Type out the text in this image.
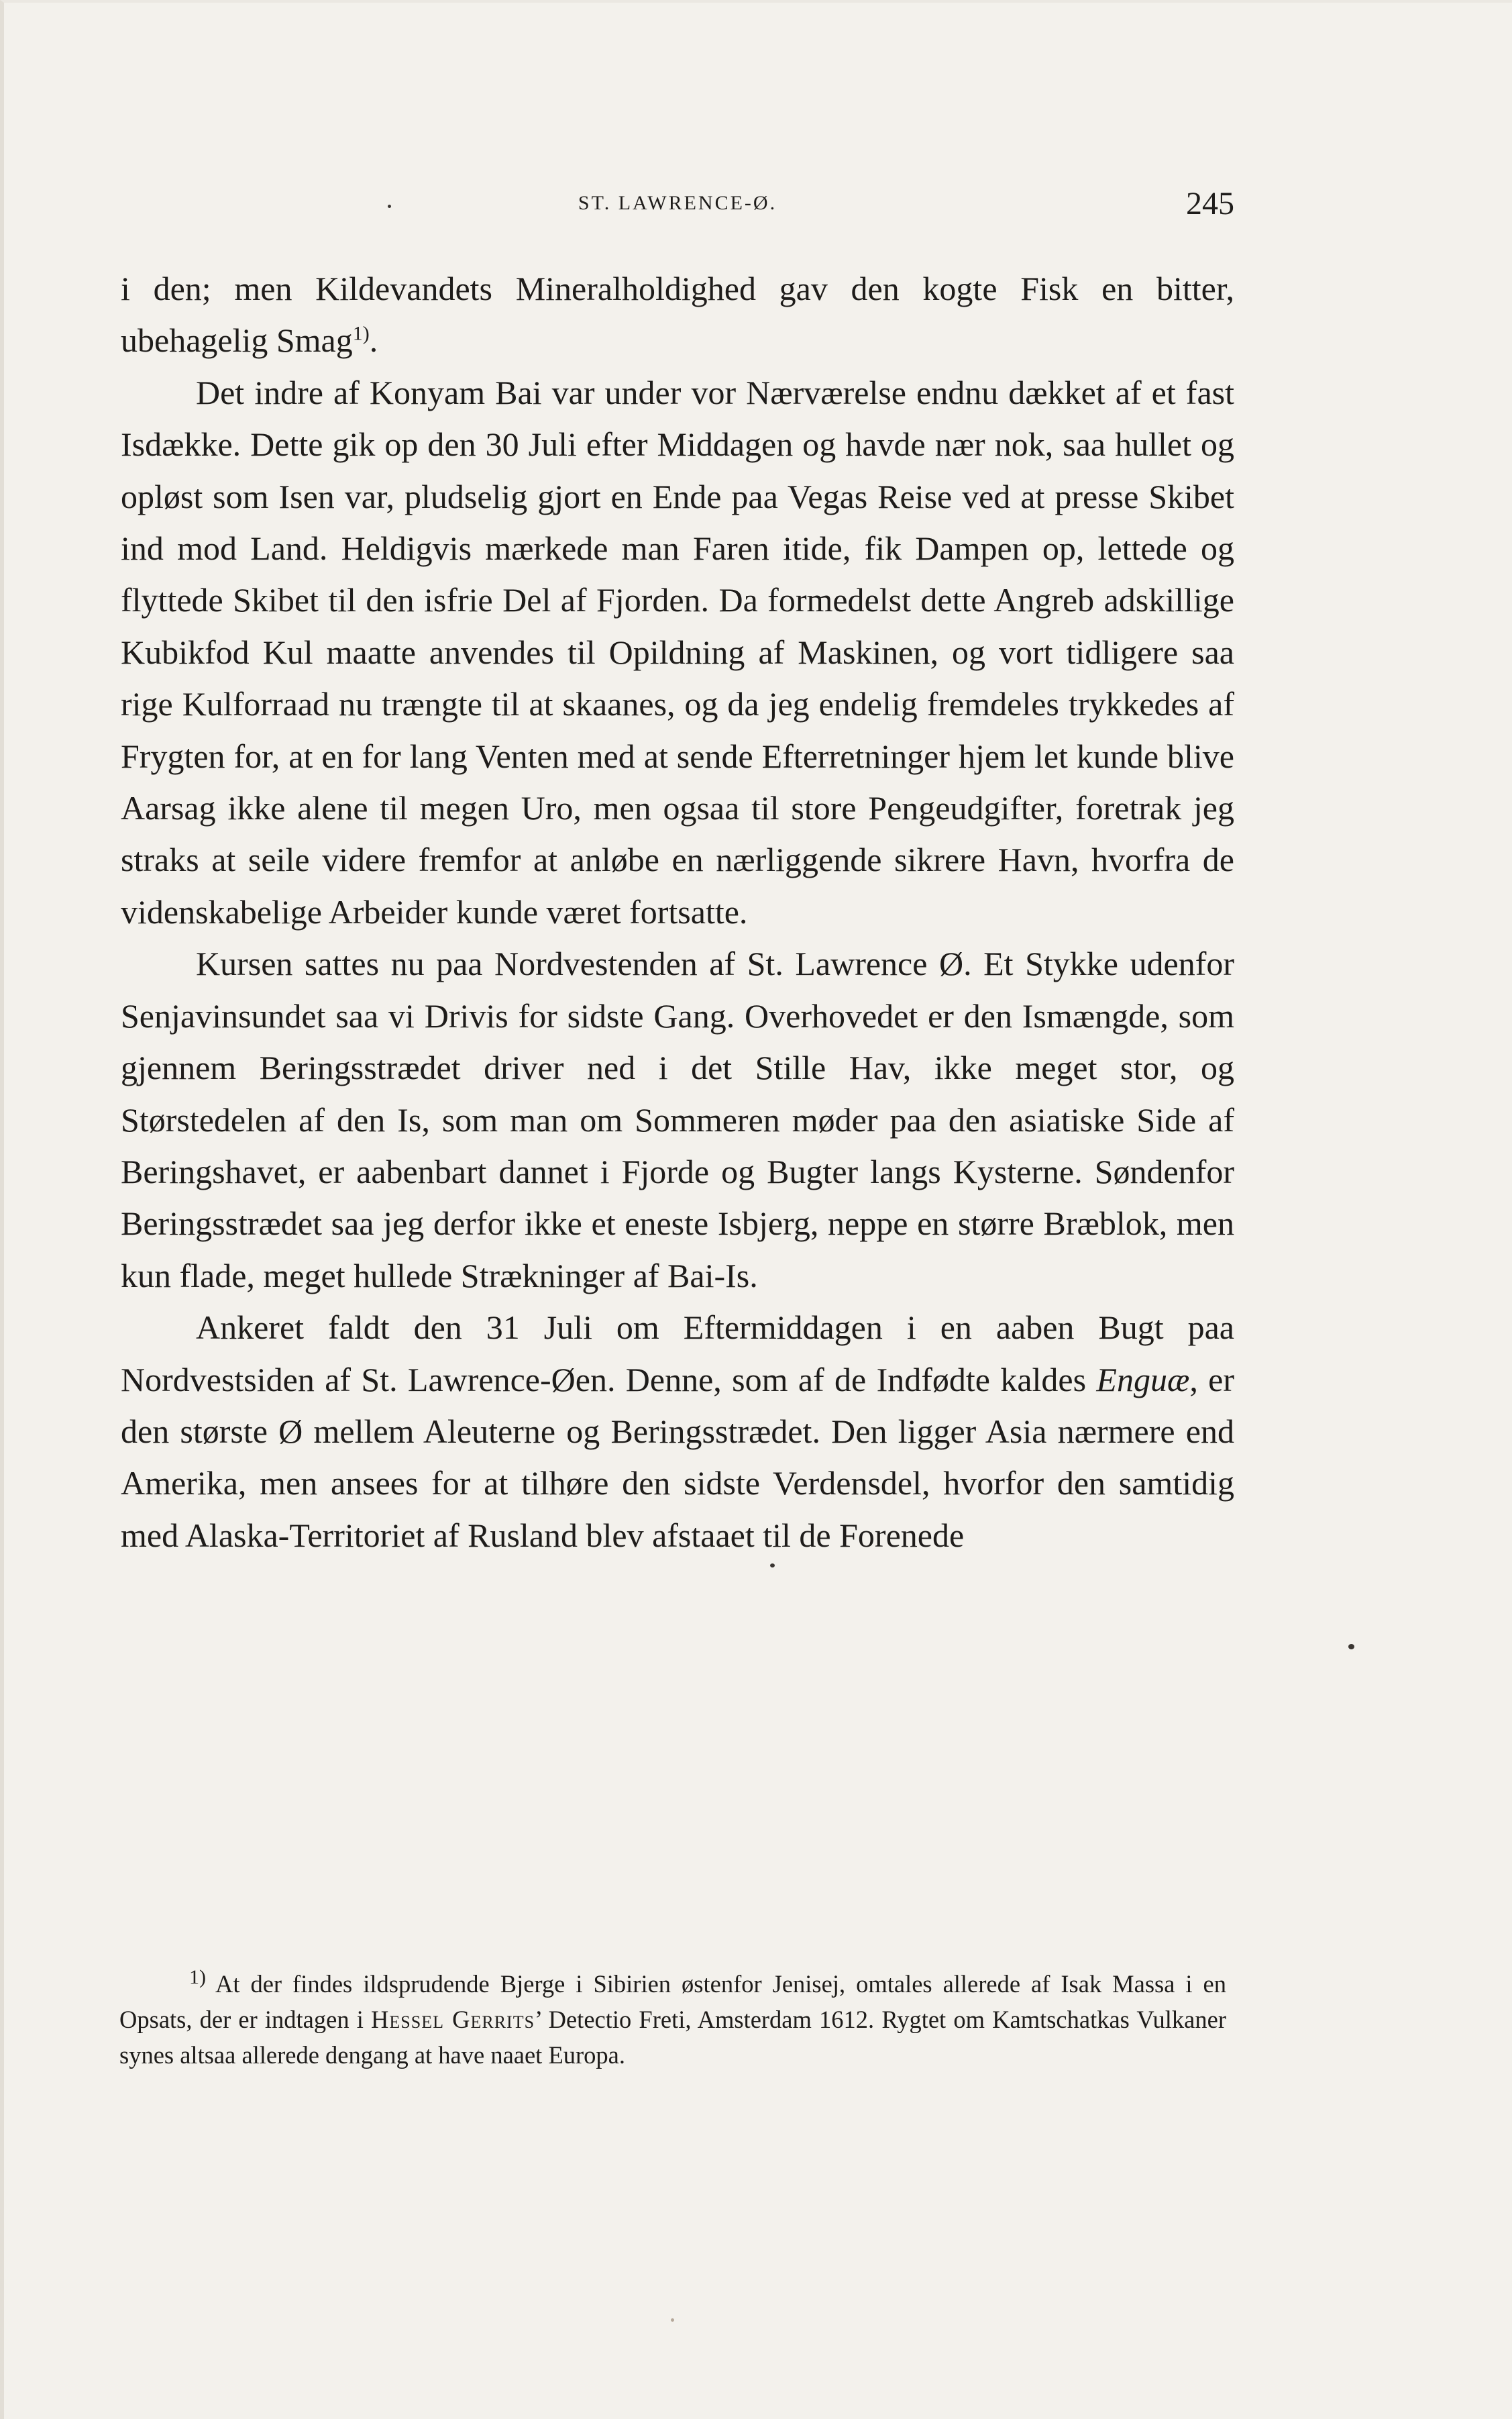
ST. LAWRENCE-Ø.	245

i den; men Kildevandets Mineralholdighed gav den kogte Fisk en bitter, ubehagelig Smag$^{1)}$.

Det indre af Konyam Bai var under vor Nærværelse endnu dækket af et fast Isdække. Dette gik op den 30 Juli efter Middagen og havde nær nok, saa hullet og opløst som Isen var, pludselig gjort en Ende paa Vegas Reise ved at presse Skibet ind mod Land. Heldigvis mærkede man Faren itide, fik Dampen op, lettede og flyttede Skibet til den isfrie Del af Fjorden. Da formedelst dette Angreb adskillige Kubikfod Kul maatte anvendes til Opildning af Maskinen, og vort tidligere saa rige Kulforraad nu trængte til at skaanes, og da jeg endelig fremdeles trykkedes af Frygten for, at en for lang Venten med at sende Efterretninger hjem let kunde blive Aarsag ikke alene til megen Uro, men ogsaa til store Pengeudgifter, foretrak jeg straks at seile videre fremfor at anløbe en nærliggende sikrere Havn, hvorfra de videnskabelige Arbeider kunde været fortsatte.

Kursen sattes nu paa Nordvestenden af St. Lawrence Ø. Et Stykke udenfor Senjavinsundet saa vi Drivis for sidste Gang. Overhovedet er den Ismængde, som gjennem Beringsstrædet driver ned i det Stille Hav, ikke meget stor, og Størstedelen af den Is, som man om Sommeren møder paa den asiatiske Side af Beringshavet, er aabenbart dannet i Fjorde og Bugter langs Kysterne. Søndenfor Beringsstrædet saa jeg derfor ikke et eneste Isbjerg, neppe en større Bræblok, men kun flade, meget hullede Strækninger af Bai-Is.

Ankeret faldt den 31 Juli om Eftermiddagen i en aaben Bugt paa Nordvestsiden af St. Lawrence-Øen. Denne, som af de Indfødte kaldes Enguæ, er den største Ø mellem Aleuterne og Beringsstrædet. Den ligger Asia nærmere end Amerika, men ansees for at tilhøre den sidste Verdensdel, hvorfor den samtidig med Alaska-Territoriet af Rusland blev afstaaet til de Forenede

$^{1)}$ At der findes ildsprudende Bjerge i Sibirien østenfor Jenisej, omtales allerede af Isak Massa i en Opsats, der er indtagen i Hessel Gerrits’ Detectio Freti, Amsterdam 1612. Rygtet om Kamtschatkas Vulkaner synes altsaa allerede dengang at have naaet Europa.
